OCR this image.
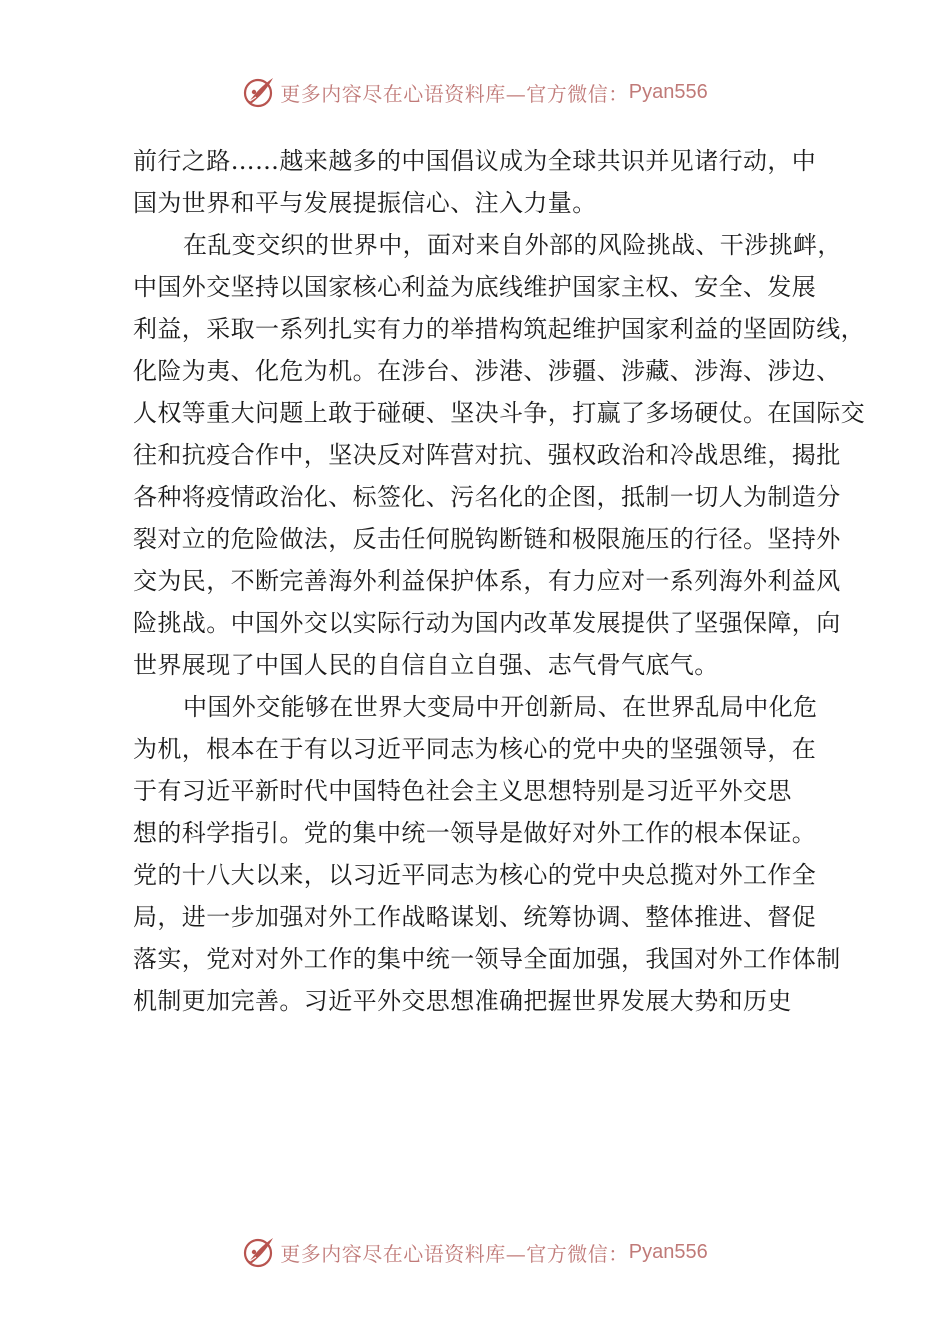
更多内容尽在心语资料库—官方微信： Pyan556
前行之路……越来越多的中国倡议成为全球共识并见诸行动，中
国为世界和平与发展提振信心、注入力量。
在乱变交织的世界中，面对来自外部的风险挑战、干涉挑衅，
中国外交坚持以国家核心利益为底线维护国家主权、安全、发展
利益，采取一系列扎实有力的举措构筑起维护国家利益的坚固防线，
化险为夷、化危为机。在涉台、涉港、涉疆、涉藏、涉海、涉边、
人权等重大问题上敢于碰硬、坚决斗争，打赢了多场硬仗。在国际交
往和抗疫合作中，坚决反对阵营对抗、强权政治和冷战思维，揭批
各种将疫情政治化、标签化、污名化的企图，抵制一切人为制造分
裂对立的危险做法，反击任何脱钩断链和极限施压的行径。坚持外
交为民，不断完善海外利益保护体系，有力应对一系列海外利益风
险挑战。中国外交以实际行动为国内改革发展提供了坚强保障，向
世界展现了中国人民的自信自立自强、志气骨气底气。
中国外交能够在世界大变局中开创新局、在世界乱局中化危
为机，根本在于有以习近平同志为核心的党中央的坚强领导，在
于有习近平新时代中国特色社会主义思想特别是习近平外交思
想的科学指引。党的集中统一领导是做好对外工作的根本保证。
党的十八大以来，以习近平同志为核心的党中央总揽对外工作全
局，进一步加强对外工作战略谋划、统筹协调、整体推进、督促
落实，党对对外工作的集中统一领导全面加强，我国对外工作体制
机制更加完善。习近平外交思想准确把握世界发展大势和历史
更多内容尽在心语资料库—官方微信： Pyan556
